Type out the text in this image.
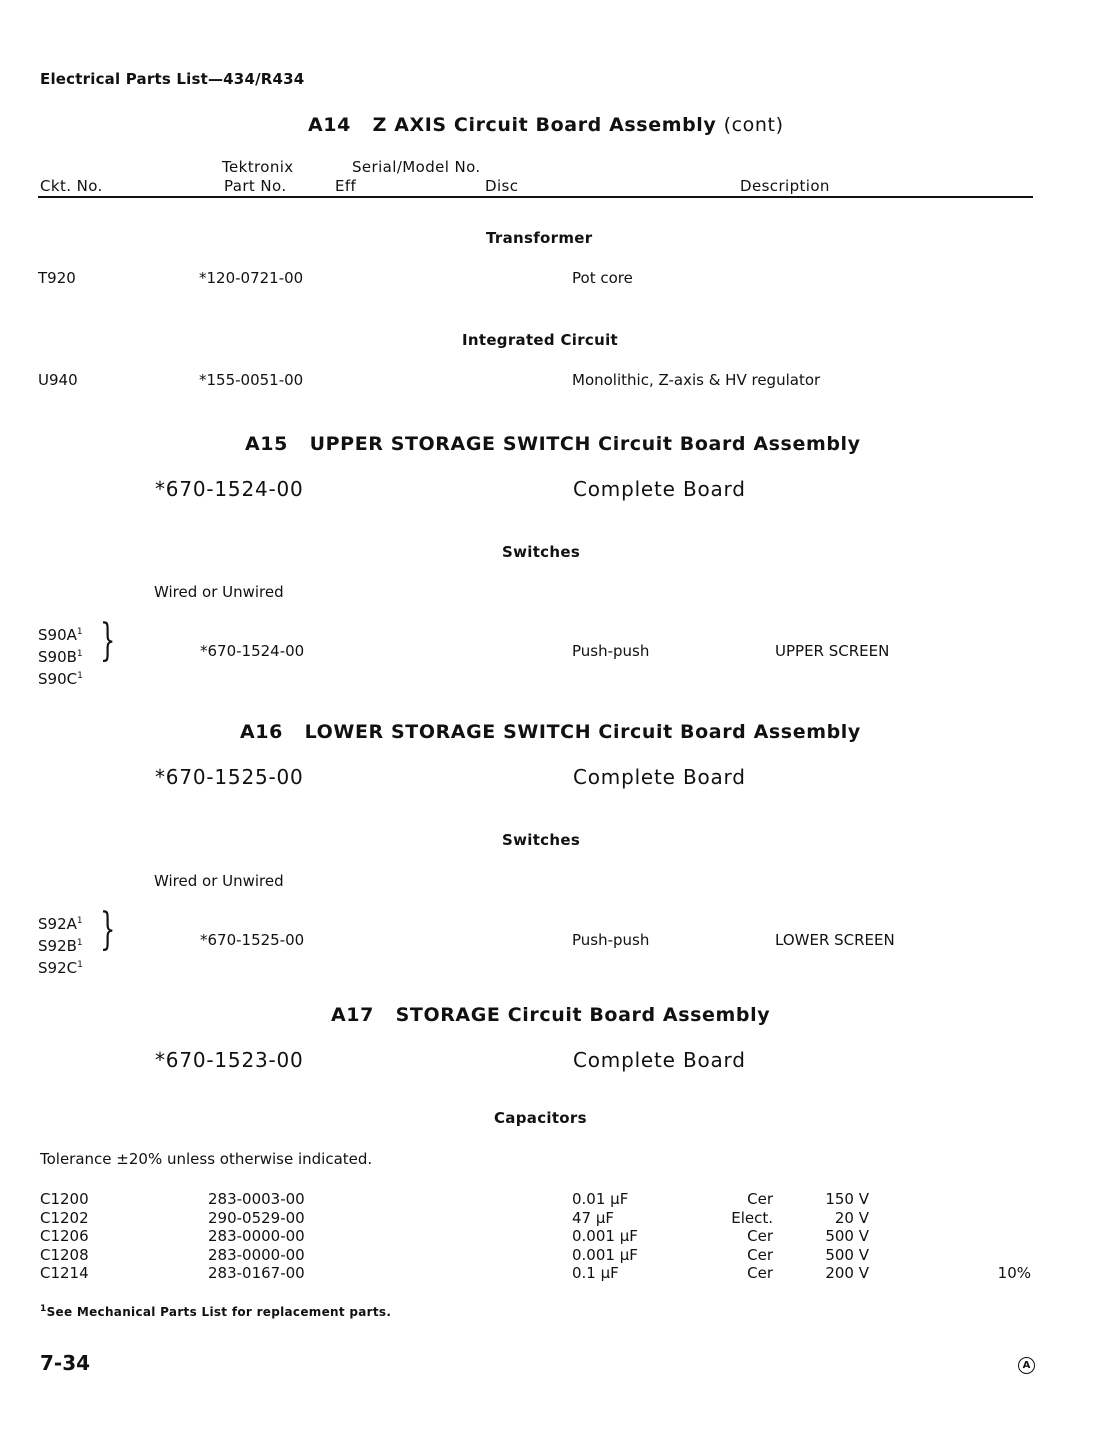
Electrical Parts List—434/R434
A14 Z AXIS Circuit Board Assembly (cont)
Tektronix	Serial/Model No.
Ckt. No.	Part No.	Eff	Disc	Description
Transformer
T920	*120-0721-00	Pot core
Integrated Circuit
U940	*155-0051-00	Monolithic, Z-axis & HV regulator
A15 UPPER STORAGE SWITCH Circuit Board Assembly
*670-1524-00	Complete Board
Switches
Wired or Unwired
$S90A^1$
$S90B^1$
$S90C^1$
}	*670-1524-00	Push-push	UPPER SCREEN
A16 LOWER STORAGE SWITCH Circuit Board Assembly
*670-1525-00	Complete Board
Switches
Wired or Unwired
$S92A^1$
$S92B^1$
$S92C^1$
}	*670-1525-00	Push-push	LOWER SCREEN
A17 STORAGE Circuit Board Assembly
*670-1523-00	Complete Board
Capacitors
Tolerance ±20% unless otherwise indicated.
C1200	283-0003-00	0.01 μF	Cer	150 V
C1202	290-0529-00	47 μF	Elect.	20 V
C1206	283-0000-00	0.001 μF	Cer	500 V
C1208	283-0000-00	0.001 μF	Cer	500 V
C1214	283-0167-00	0.1 μF	Cer	200 V	10%
$^1$See Mechanical Parts List for replacement parts.
7-34	A
